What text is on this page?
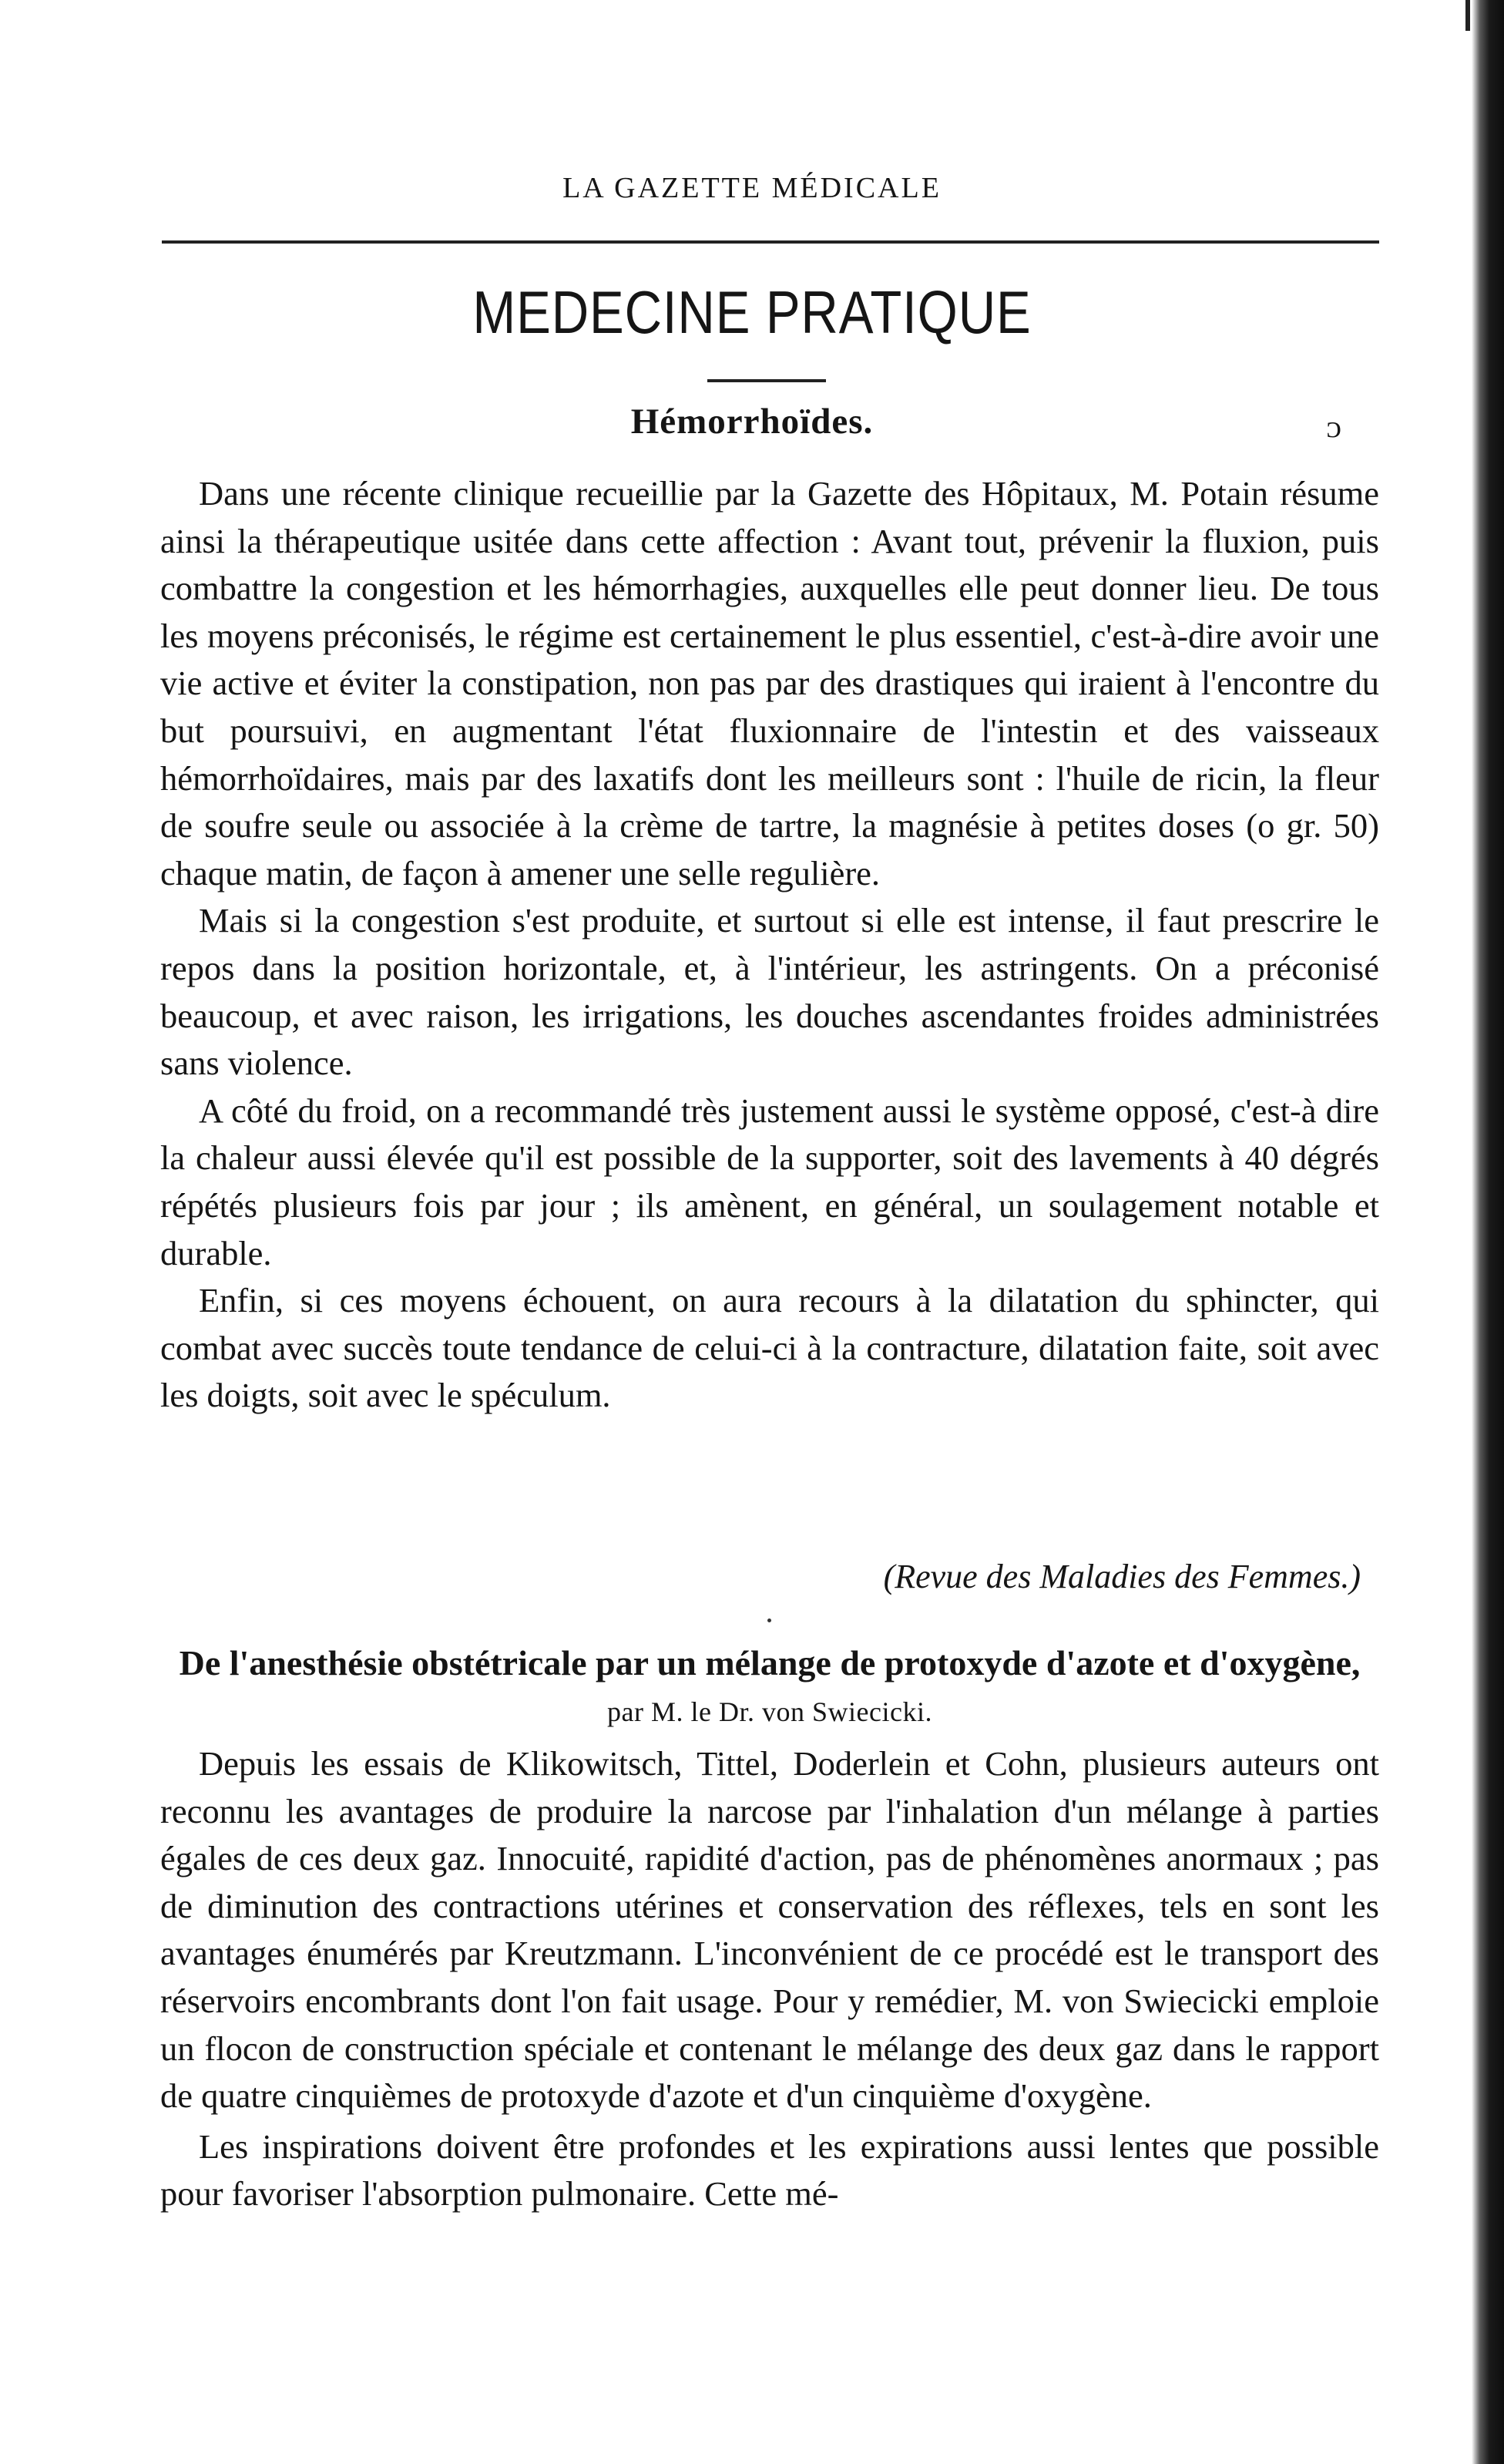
LA GAZETTE MÉDICALE
MEDECINE PRATIQUE
Hémorrhoïdes.	ᴐ

Dans une récente clinique recueillie par la Gazette des Hôpitaux, M. Potain résume ainsi la thérapeutique usitée dans cette affection : Avant tout, prévenir la fluxion, puis combattre la congestion et les hémorrhagies, auxquelles elle peut donner lieu. De tous les moyens préconisés, le régime est certainement le plus essentiel, c'est-à-dire avoir une vie active et éviter la constipation, non pas par des drastiques qui iraient à l'encontre du but poursuivi, en augmentant l'état fluxionnaire de l'intestin et des vaisseaux hémorrhoïdaires, mais par des laxatifs dont les meilleurs sont : l'huile de ricin, la fleur de soufre seule ou associée à la crème de tartre, la magnésie à petites doses (o gr. 50) chaque matin, de façon à amener une selle regulière.

Mais si la congestion s'est produite, et surtout si elle est intense, il faut prescrire le repos dans la position horizontale, et, à l'intérieur, les astringents. On a préconisé beaucoup, et avec raison, les irrigations, les douches ascendantes froides administrées sans violence.

A côté du froid, on a recommandé très justement aussi le système opposé, c'est-à dire la chaleur aussi élevée qu'il est possible de la supporter, soit des lavements à 40 dégrés répétés plusieurs fois par jour ; ils amènent, en général, un soulagement notable et durable.

Enfin, si ces moyens échouent, on aura recours à la dilatation du sphincter, qui combat avec succès toute tendance de celui-ci à la contracture, dilatation faite, soit avec les doigts, soit avec le spéculum.

(Revue des Maladies des Femmes.)
De l'anesthésie obstétricale par un mélange de protoxyde d'azote et d'oxygène, par M. le Dr. von Swiecicki.

Depuis les essais de Klikowitsch, Tittel, Doderlein et Cohn, plusieurs auteurs ont reconnu les avantages de produire la narcose par l'inhalation d'un mélange à parties égales de ces deux gaz. Innocuité, rapidité d'action, pas de phénomènes anormaux ; pas de diminution des contractions utérines et conservation des réflexes, tels en sont les avantages énumérés par Kreutzmann. L'inconvénient de ce procédé est le transport des réservoirs encombrants dont l'on fait usage. Pour y remédier, M. von Swiecicki emploie un flocon de construction spéciale et contenant le mélange des deux gaz dans le rapport de quatre cinquièmes de protoxyde d'azote et d'un cinquième d'oxygène.

Les inspirations doivent être profondes et les expirations aussi lentes que possible pour favoriser l'absorption pulmonaire. Cette mé-
